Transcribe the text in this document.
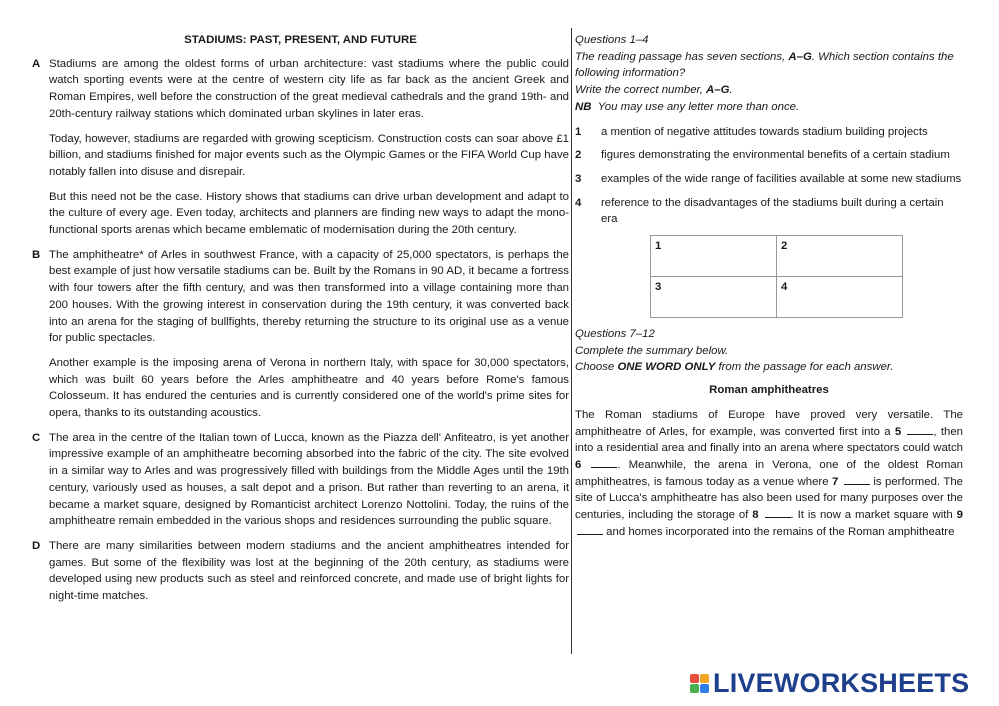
STADIUMS: PAST, PRESENT, AND FUTURE
A Stadiums are among the oldest forms of urban architecture: vast stadiums where the public could watch sporting events were at the centre of western city life as far back as the ancient Greek and Roman Empires, well before the construction of the great medieval cathedrals and the grand 19th- and 20th-century railway stations which dominated urban skylines in later eras.

Today, however, stadiums are regarded with growing scepticism. Construction costs can soar above £1 billion, and stadiums finished for major events such as the Olympic Games or the FIFA World Cup have notably fallen into disuse and disrepair.

But this need not be the case. History shows that stadiums can drive urban development and adapt to the culture of every age. Even today, architects and planners are finding new ways to adapt the mono-functional sports arenas which became emblematic of modernisation during the 20th century.

B The amphitheatre* of Arles in southwest France, with a capacity of 25,000 spectators, is perhaps the best example of just how versatile stadiums can be. Built by the Romans in 90 AD, it became a fortress with four towers after the fifth century, and was then transformed into a village containing more than 200 houses. With the growing interest in conservation during the 19th century, it was converted back into an arena for the staging of bullfights, thereby returning the structure to its original use as a venue for public spectacles.

Another example is the imposing arena of Verona in northern Italy, with space for 30,000 spectators, which was built 60 years before the Arles amphitheatre and 40 years before Rome's famous Colosseum. It has endured the centuries and is currently considered one of the world's prime sites for opera, thanks to its outstanding acoustics.

C The area in the centre of the Italian town of Lucca, known as the Piazza dell' Anfiteatro, is yet another impressive example of an amphitheatre becoming absorbed into the fabric of the city. The site evolved in a similar way to Arles and was progressively filled with buildings from the Middle Ages until the 19th century, variously used as houses, a salt depot and a prison. But rather than reverting to an arena, it became a market square, designed by Romanticist architect Lorenzo Nottolini. Today, the ruins of the amphitheatre remain embedded in the various shops and residences surrounding the public square.

D There are many similarities between modern stadiums and the ancient amphitheatres intended for games. But some of the flexibility was lost at the beginning of the 20th century, as stadiums were developed using new products such as steel and reinforced concrete, and made use of bright lights for night-time matches.

Questions 1–4

The reading passage has seven sections, A–G. Which section contains the following information?

Write the correct number, A–G.

NB You may use any letter more than once.

1 a mention of negative attitudes towards stadium building projects
2 figures demonstrating the environmental benefits of a certain stadium
3 examples of the wide range of facilities available at some new stadiums
4 reference to the disadvantages of the stadiums built during a certain era
1	2
3	4

Questions 7–12

Complete the summary below.

Choose ONE WORD ONLY from the passage for each answer.

Roman amphitheatres

The Roman stadiums of Europe have proved very versatile. The amphitheatre of Arles, for example, was converted first into a 5	, then into a residential area and finally into an arena where spectators could watch 6	. Meanwhile, the arena in Verona, one of the oldest Roman amphitheatres, is famous today as a venue where 7	is performed. The site of Lucca's amphitheatre has also been used for many purposes over the centuries, including the storage of 8	. It is now a market square with 9  and homes incorporated into the remains of the Roman amphitheatre

LIVEWORKSHEETS
